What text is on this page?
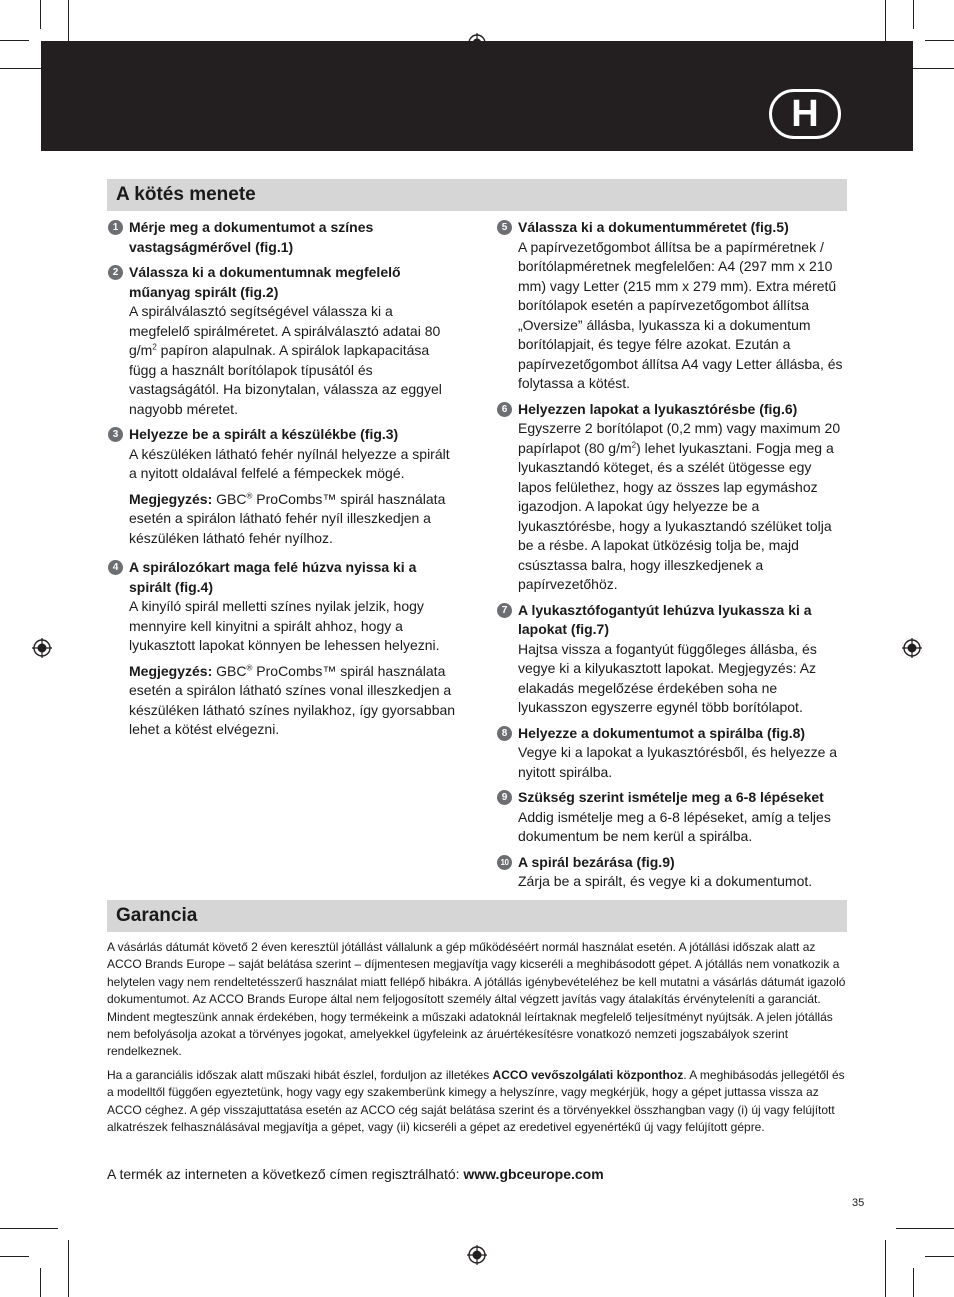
H
A kötés menete
1 Mérje meg a dokumentumot a színes vastagságmérővel (fig.1)
2 Válassza ki a dokumentumnak megfelelő műanyag spirált (fig.2)
A spirálválasztó segítségével válassza ki a megfelelő spirálméretet. A spirálválasztó adatai 80 $g/m^2$ papíron alapulnak. A spirálok lapkapacitása függ a használt borítólapok típusától és vastagságától. Ha bizonytalan, válassza az eggyel nagyobb méretet.
3 Helyezze be a spirált a készülékbe (fig.3)
A készüléken látható fehér nyílnál helyezze a spirált a nyitott oldalával felfelé a fémpeckek mögé.
Megjegyzés: GBC® ProCombs™ spirál használata esetén a spirálon látható fehér nyíl illeszkedjen a készüléken látható fehér nyílhoz.
4 A spirálozókart maga felé húzva nyissa ki a spirált (fig.4)
A kinyíló spirál melletti színes nyilak jelzik, hogy mennyire kell kinyitni a spirált ahhoz, hogy a lyukasztott lapokat könnyen be lehessen helyezni.
Megjegyzés: GBC® ProCombs™ spirál használata esetén a spirálon látható színes vonal illeszkedjen a készüléken látható színes nyilakhoz, így gyorsabban lehet a kötést elvégezni.
5 Válassza ki a dokumentumméretet (fig.5)
A papírvezetőgombot állítsa be a papírméretnek / borítólapméretnek megfelelően: A4 (297 mm x 210 mm) vagy Letter (215 mm x 279 mm). Extra méretű borítólapok esetén a papírvezetőgombot állítsa „Oversize” állásba, lyukassza ki a dokumentum borítólapjait, és tegye félre azokat. Ezután a papírvezetőgombot állítsa A4 vagy Letter állásba, és folytassa a kötést.
6 Helyezzen lapokat a lyukasztórésbe (fig.6)
Egyszerre 2 borítólapot (0,2 mm) vagy maximum 20 papírlapot (80 $g/m^2$) lehet lyukasztani. Fogja meg a lyukasztandó köteget, és a szélét ütögesse egy lapos felülethez, hogy az összes lap egymáshoz igazodjon. A lapokat úgy helyezze be a lyukasztórésbe, hogy a lyukasztandó szélüket tolja be a résbe. A lapokat ütközésig tolja be, majd csúsztassa balra, hogy illeszkedjenek a papírvezetőhöz.
7 A lyukasztófogantyút lehúzva lyukassza ki a lapokat (fig.7)
Hajtsa vissza a fogantyút függőleges állásba, és vegye ki a kilyukasztott lapokat. Megjegyzés: Az elakadás megelőzése érdekében soha ne lyukasszon egyszerre egynél több borítólapot.
8 Helyezze a dokumentumot a spirálba (fig.8)
Vegye ki a lapokat a lyukasztórésből, és helyezze a nyitott spirálba.
9 Szükség szerint ismételje meg a 6-8 lépéseket
Addig ismételje meg a 6-8 lépéseket, amíg a teljes dokumentum be nem kerül a spirálba.
10 A spirál bezárása (fig.9)
Zárja be a spirált, és vegye ki a dokumentumot.
Garancia

A vásárlás dátumát követő 2 éven keresztül jótállást vállalunk a gép működéséért normál használat esetén. A jótállási időszak alatt az ACCO Brands Europe – saját belátása szerint – díjmentesen megjavítja vagy kicseréli a meghibásodott gépet. A jótállás nem vonatkozik a helytelen vagy nem rendeltetésszerű használat miatt fellépő hibákra. A jótállás igénybevételéhez be kell mutatni a vásárlás dátumát igazoló dokumentumot. Az ACCO Brands Europe által nem feljogosított személy által végzett javítás vagy átalakítás érvényteleníti a garanciát. Mindent megteszünk annak érdekében, hogy termékeink a műszaki adatoknál leírtaknak megfelelő teljesítményt nyújtsák. A jelen jótállás nem befolyásolja azokat a törvényes jogokat, amelyekkel ügyfeleink az áruértékesítésre vonatkozó nemzeti jogszabályok szerint rendelkeznek.

Ha a garanciális időszak alatt műszaki hibát észlel, forduljon az illetékes ACCO vevőszolgálati központhoz. A meghibásodás jellegétől és a modelltől függően egyeztetünk, hogy vagy egy szakemberünk kimegy a helyszínre, vagy megkérjük, hogy a gépet juttassa vissza az ACCO céghez. A gép visszajuttatása esetén az ACCO cég saját belátása szerint és a törvényekkel összhangban vagy (i) új vagy felújított alkatrészek felhasználásával megjavítja a gépet, vagy (ii) kicseréli a gépet az eredetivel egyenértékű új vagy felújított gépre.

A termék az interneten a következő címen regisztrálható: www.gbceurope.com
35
